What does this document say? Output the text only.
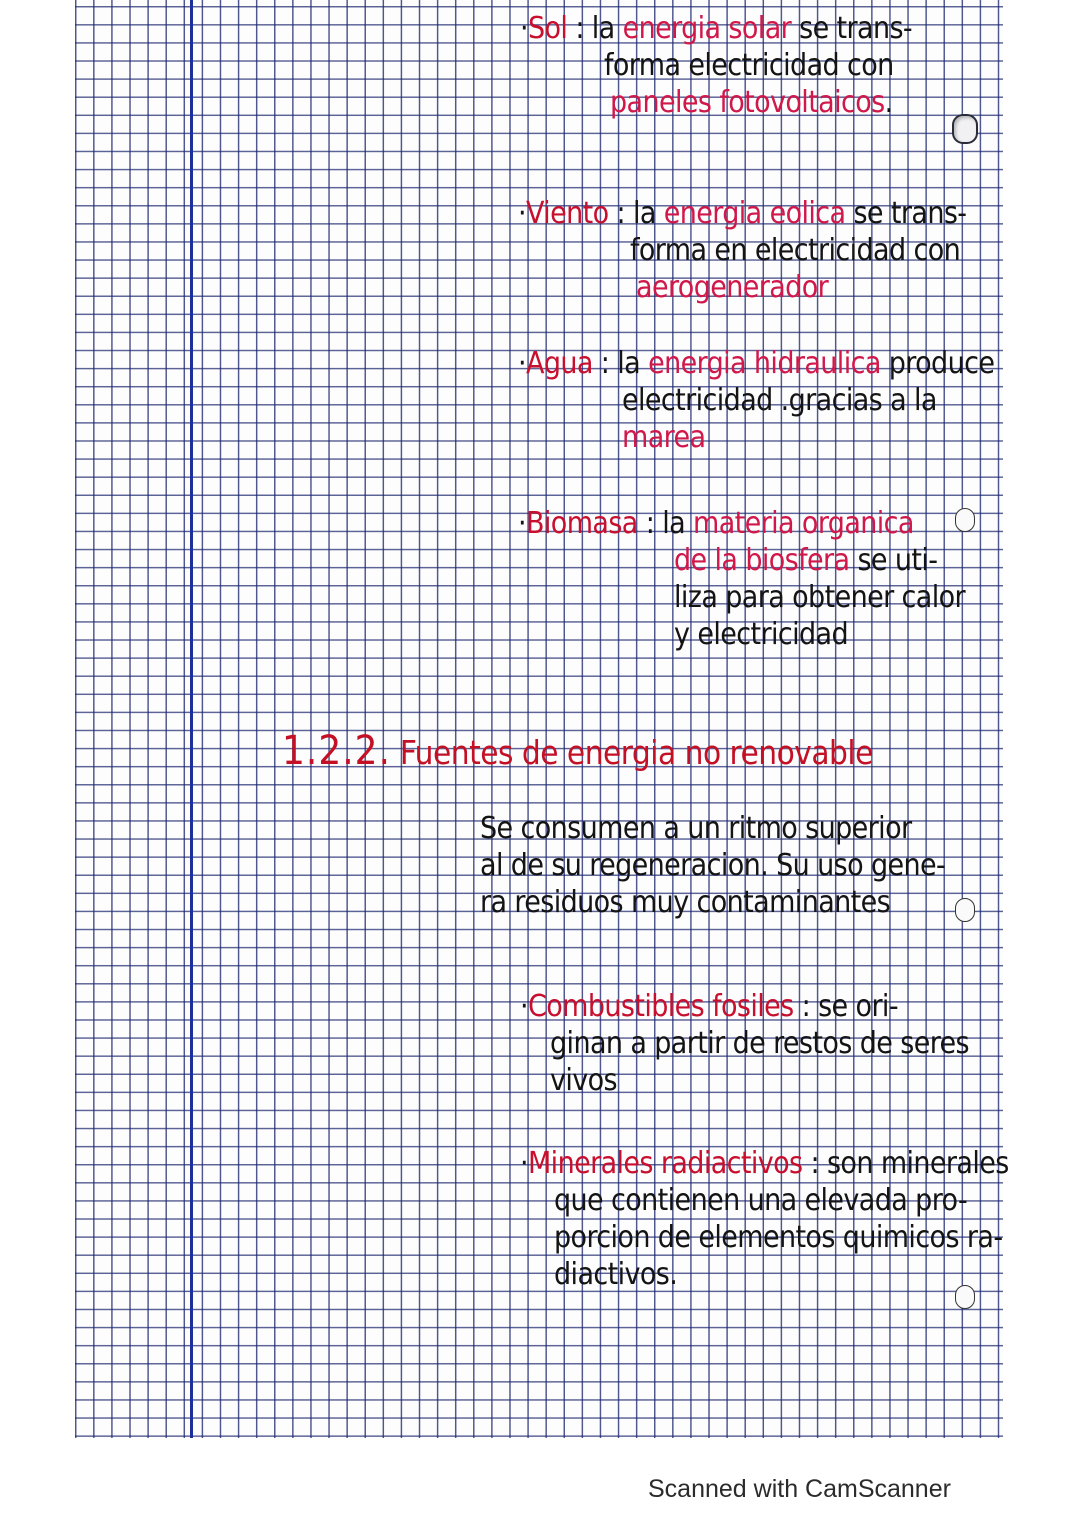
·Sol : la energia solar se trans-
forma electricidad con
paneles fotovoltaicos.
·Viento : la energia eolica se trans-
forma en electricidad con
aerogenerador
·Agua : la energia hidraulica produce
electricidad .gracias a la
marea
·Biomasa : la materia organica
de la biosfera se uti-
liza para obtener calor
y electricidad
1.2.2. Fuentes de energia no renovable
Se consumen a un ritmo superior
al de su regeneracion. Su uso gene-
ra residuos muy contaminantes
·Combustibles fosiles : se ori-
ginan a partir de restos de seres
vivos
·Minerales radiactivos : son minerales
que contienen una elevada pro-
porcion de elementos quimicos ra-
diactivos.
Scanned with CamScanner
